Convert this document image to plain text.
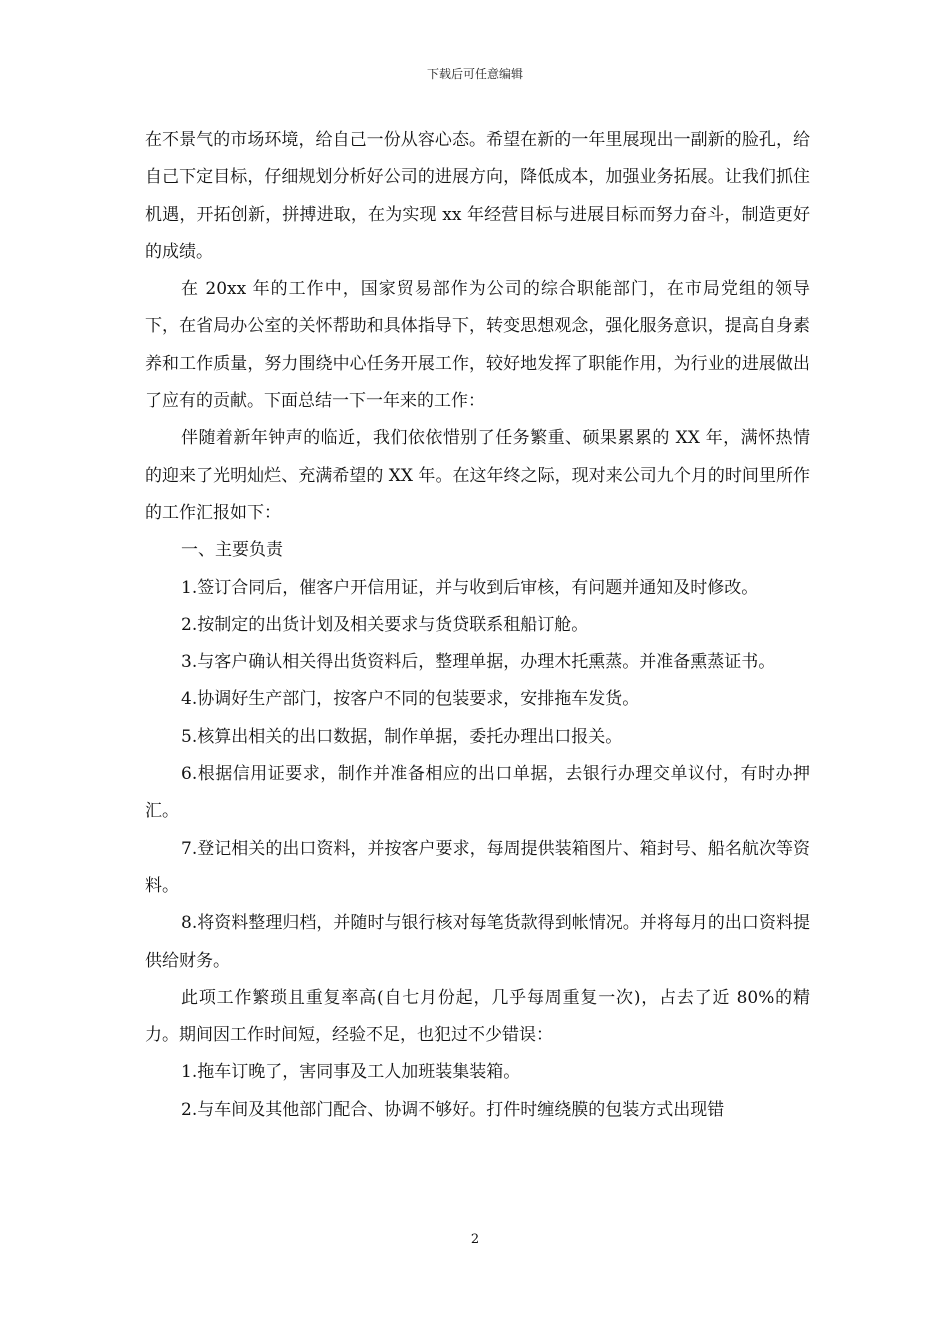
下载后可任意编辑

在不景气的市场环境，给自己一份从容心态。希望在新的一年里展现出一副新的脸孔，给自己下定目标，仔细规划分析好公司的进展方向，降低成本，加强业务拓展。让我们抓住机遇，开拓创新，拼搏进取，在为实现 xx 年经营目标与进展目标而努力奋斗，制造更好的成绩。

在 20xx 年的工作中，国家贸易部作为公司的综合职能部门，在市局党组的领导下，在省局办公室的关怀帮助和具体指导下，转变思想观念，强化服务意识，提高自身素养和工作质量，努力围绕中心任务开展工作，较好地发挥了职能作用，为行业的进展做出了应有的贡献。下面总结一下一年来的工作：

伴随着新年钟声的临近，我们依依惜别了任务繁重、硕果累累的 XX 年，满怀热情的迎来了光明灿烂、充满希望的 XX 年。在这年终之际，现对来公司九个月的时间里所作的工作汇报如下：

一、主要负责

1.签订合同后，催客户开信用证，并与收到后审核，有问题并通知及时修改。

2.按制定的出货计划及相关要求与货贷联系租船订舱。

3.与客户确认相关得出货资料后，整理单据，办理木托熏蒸。并准备熏蒸证书。

4.协调好生产部门，按客户不同的包装要求，安排拖车发货。

5.核算出相关的出口数据，制作单据，委托办理出口报关。

6.根据信用证要求，制作并准备相应的出口单据，去银行办理交单议付，有时办押汇。

7.登记相关的出口资料，并按客户要求，每周提供装箱图片、箱封号、船名航次等资料。

8.将资料整理归档，并随时与银行核对每笔货款得到帐情况。并将每月的出口资料提供给财务。

此项工作繁琐且重复率高(自七月份起，几乎每周重复一次)，占去了近 80%的精力。期间因工作时间短，经验不足，也犯过不少错误：

1.拖车订晚了，害同事及工人加班装集装箱。

2.与车间及其他部门配合、协调不够好。打件时缠绕膜的包装方式出现错

2
